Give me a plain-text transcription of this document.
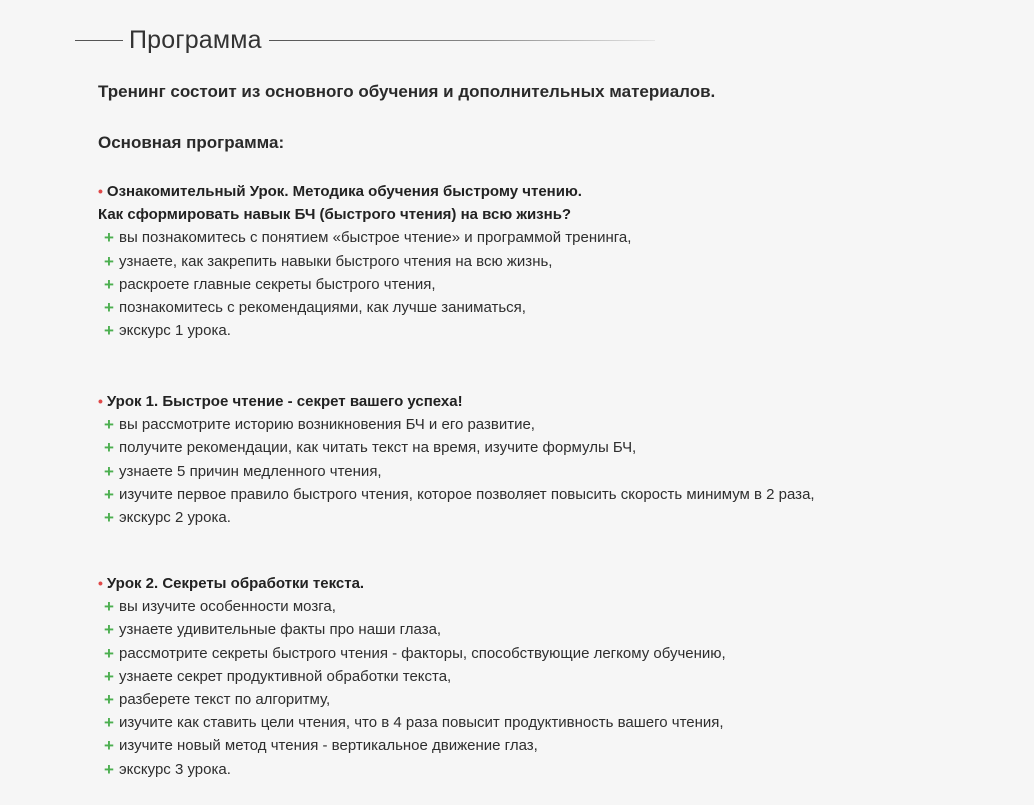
Программа

Тренинг состоит из основного обучения и дополнительных материалов.

Основная программа:

• Ознакомительный Урок. Методика обучения быстрому чтению.
Как сформировать навык БЧ (быстрого чтения) на всю жизнь?
+ вы познакомитесь с понятием «быстрое чтение» и программой тренинга,
+ узнаете, как закрепить навыки быстрого чтения на всю жизнь,
+ раскроете главные секреты быстрого чтения,
+ познакомитесь с рекомендациями, как лучше заниматься,
+ экскурс 1 урока.
• Урок 1. Быстрое чтение - секрет вашего успеха!
+ вы рассмотрите историю возникновения БЧ и его развитие,
+ получите рекомендации, как читать текст на время, изучите формулы БЧ,
+ узнаете 5 причин медленного чтения,
+ изучите первое правило быстрого чтения, которое позволяет повысить скорость минимум в 2 раза,
+ экскурс 2 урока.
• Урок 2. Секреты обработки текста.
+ вы изучите особенности мозга,
+ узнаете удивительные факты про наши глаза,
+ рассмотрите секреты быстрого чтения - факторы, способствующие легкому обучению,
+ узнаете секрет продуктивной обработки текста,
+ разберете текст по алгоритму,
+ изучите как ставить цели чтения, что в 4 раза повысит продуктивность вашего чтения,
+ изучите новый метод чтения - вертикальное движение глаз,
+ экскурс 3 урока.
